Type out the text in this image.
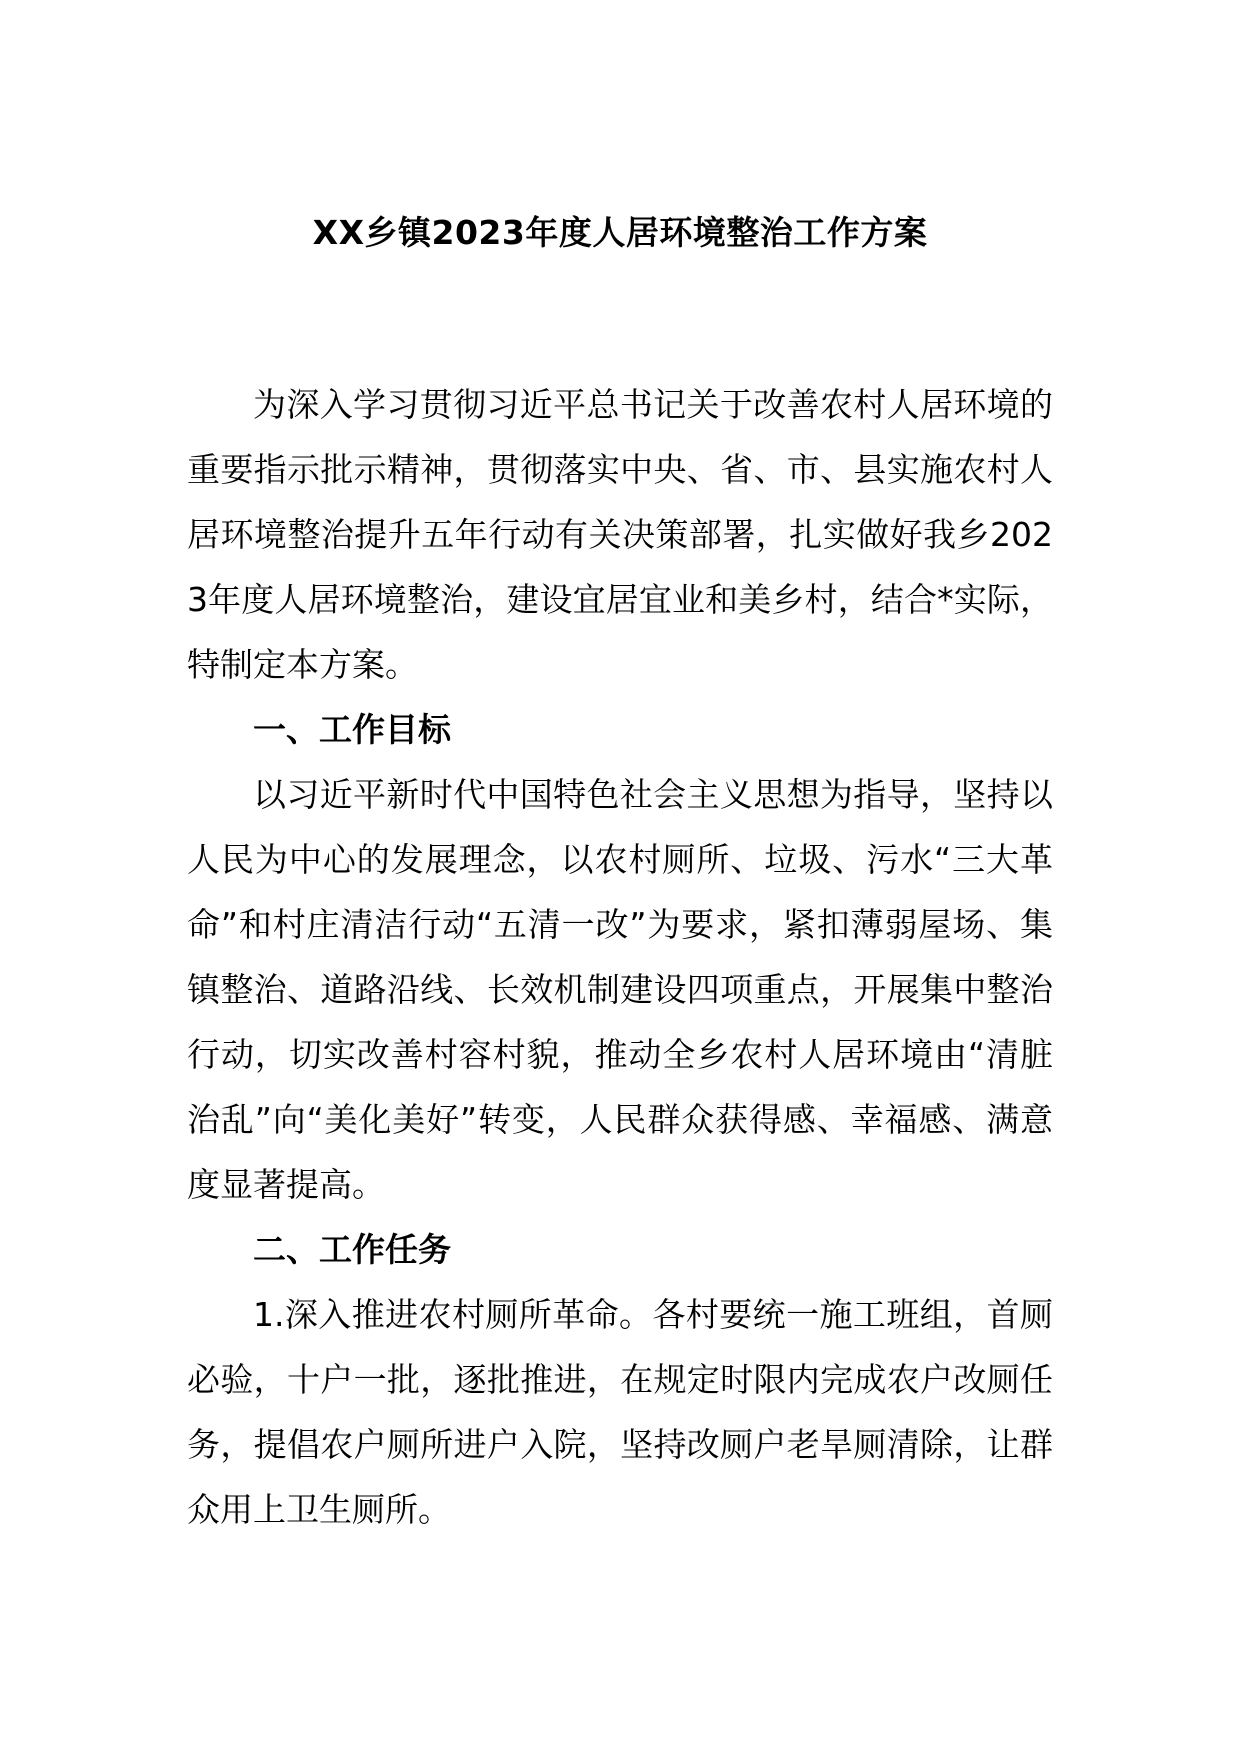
XX乡镇2023年度人居环境整治工作方案

为深入学习贯彻习近平总书记关于改善农村人居环境的重要指示批示精神，贯彻落实中央、省、市、县实施农村人居环境整治提升五年行动有关决策部署，扎实做好我乡2023年度人居环境整治，建设宜居宜业和美乡村，结合*实际，特制定本方案。

一、工作目标

以习近平新时代中国特色社会主义思想为指导，坚持以人民为中心的发展理念，以农村厕所、垃圾、污水“三大革命”和村庄清洁行动“五清一改”为要求，紧扣薄弱屋场、集镇整治、道路沿线、长效机制建设四项重点，开展集中整治行动，切实改善村容村貌，推动全乡农村人居环境由“清脏治乱”向“美化美好”转变，人民群众获得感、幸福感、满意度显著提高。

二、工作任务

1.深入推进农村厕所革命。各村要统一施工班组，首厕必验，十户一批，逐批推进，在规定时限内完成农户改厕任务，提倡农户厕所进户入院，坚持改厕户老旱厕清除，让群众用上卫生厕所。
